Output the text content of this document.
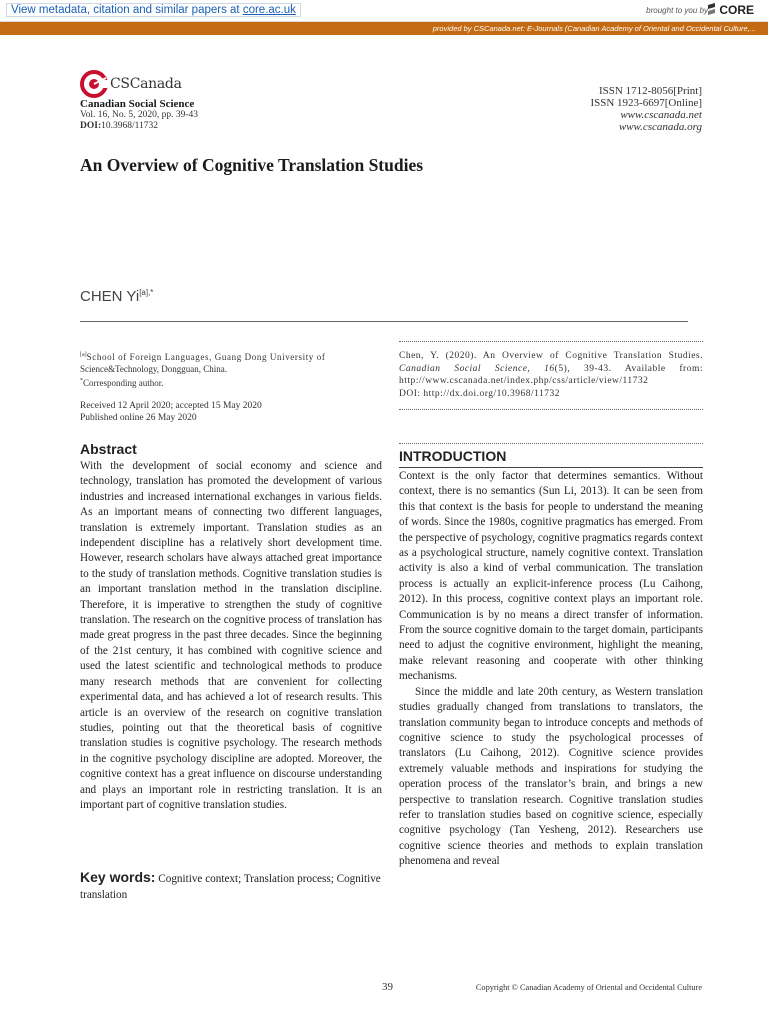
View metadata, citation and similar papers at core.ac.uk	brought to you by CORE
provided by CSCanada.net: E-Journals (Canadian Academy of Oriental and Occidental Culture,...
CSCanada
Canadian Social Science
Vol. 16, No. 5, 2020, pp. 39-43
DOI:10.3968/11732
ISSN 1712-8056[Print]
ISSN 1923-6697[Online]
www.cscanada.net
www.cscanada.org
An Overview of Cognitive Translation Studies
CHEN $Yi^{[a],*}$
[a]School of Foreign Languages, Guang Dong University of
Science&Technology, Dongguan, China.
*Corresponding author.
Received 12 April 2020; accepted 15 May 2020
Published online 26 May 2020
Chen, Y. (2020). An Overview of Cognitive Translation Studies. Canadian Social Science, 16(5), 39-43. Available from: http://www.cscanada.net/index.php/css/article/view/11732
DOI: http://dx.doi.org/10.3968/11732
Abstract
With the development of social economy and science and technology, translation has promoted the development of various industries and increased international exchanges in various fields. As an important means of connecting two different languages, translation is extremely important. Translation studies as an independent discipline has a relatively short development time. However, research scholars have always attached great importance to the study of translation methods. Cognitive translation studies is an important translation method in the translation discipline. Therefore, it is imperative to strengthen the study of cognitive translation. The research on the cognitive process of translation has made great progress in the past three decades. Since the beginning of the 21st century, it has combined with cognitive science and used the latest scientific and technological methods to produce many research methods that are convenient for collecting experimental data, and has achieved a lot of research results. This article is an overview of the research on cognitive translation studies, pointing out that the theoretical basis of cognitive translation studies is cognitive psychology. The research methods in the cognitive psychology discipline are adopted. Moreover, the cognitive context has a great influence on discourse understanding and plays an important role in restricting translation. It is an important part of cognitive translation studies.
Key words: Cognitive context; Translation process; Cognitive translation
INTRODUCTION

Context is the only factor that determines semantics. Without context, there is no semantics (Sun Li, 2013). It can be seen from this that context is the basis for people to understand the meaning of words. Since the 1980s, cognitive pragmatics has emerged. From the perspective of psychology, cognitive pragmatics regards context as a psychological structure, namely cognitive context. Translation activity is also a kind of verbal communication. The translation process is actually an explicit-inference process (Lu Caihong, 2012). In this process, cognitive context plays an important role. Communication is by no means a direct transfer of information. From the source cognitive domain to the target domain, participants need to adjust the cognitive environment, highlight the meaning, make relevant reasoning and cooperate with other thinking mechanisms.

Since the middle and late 20th century, as Western translation studies gradually changed from translations to translators, the translation community began to introduce concepts and methods of cognitive science to study the psychological processes of translators (Lu Caihong, 2012). Cognitive science provides extremely valuable methods and inspirations for studying the operation process of the translator’s brain, and brings a new perspective to translation research. Cognitive translation studies refer to translation studies based on cognitive science, especially cognitive psychology (Tan Yesheng, 2012). Researchers use cognitive science theories and methods to explain translation phenomena and reveal

39	Copyright © Canadian Academy of Oriental and Occidental Culture
